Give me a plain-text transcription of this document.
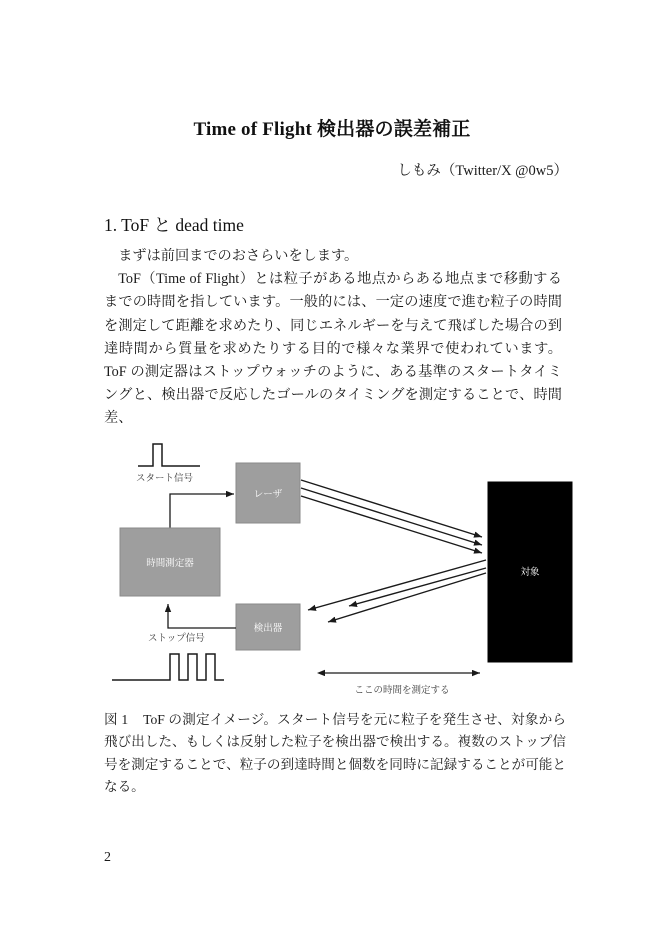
Time of Flight 検出器の誤差補正
しもみ（Twitter/X @0w5）
1. ToF と dead time

まずは前回までのおさらいをします。

ToF（Time of Flight）とは粒子がある地点からある地点まで移動するまでの時間を指しています。一般的には、一定の速度で進む粒子の時間を測定して距離を求めたり、同じエネルギーを与えて飛ばした場合の到達時間から質量を求めたりする目的で様々な業界で使われています。ToF の測定器はストップウォッチのように、ある基準のスタートタイミングと、検出器で反応したゴールのタイミングを測定することで、時間差、

スタート信号
レーザ
時間測定器
検出器
ストップ信号
対象
ここの時間を測定する
図 1 ToF の測定イメージ。スタート信号を元に粒子を発生させ、対象から飛び出した、もしくは反射した粒子を検出器で検出する。複数のストップ信号を測定することで、粒子の到達時間と個数を同時に記録することが可能となる。
2
